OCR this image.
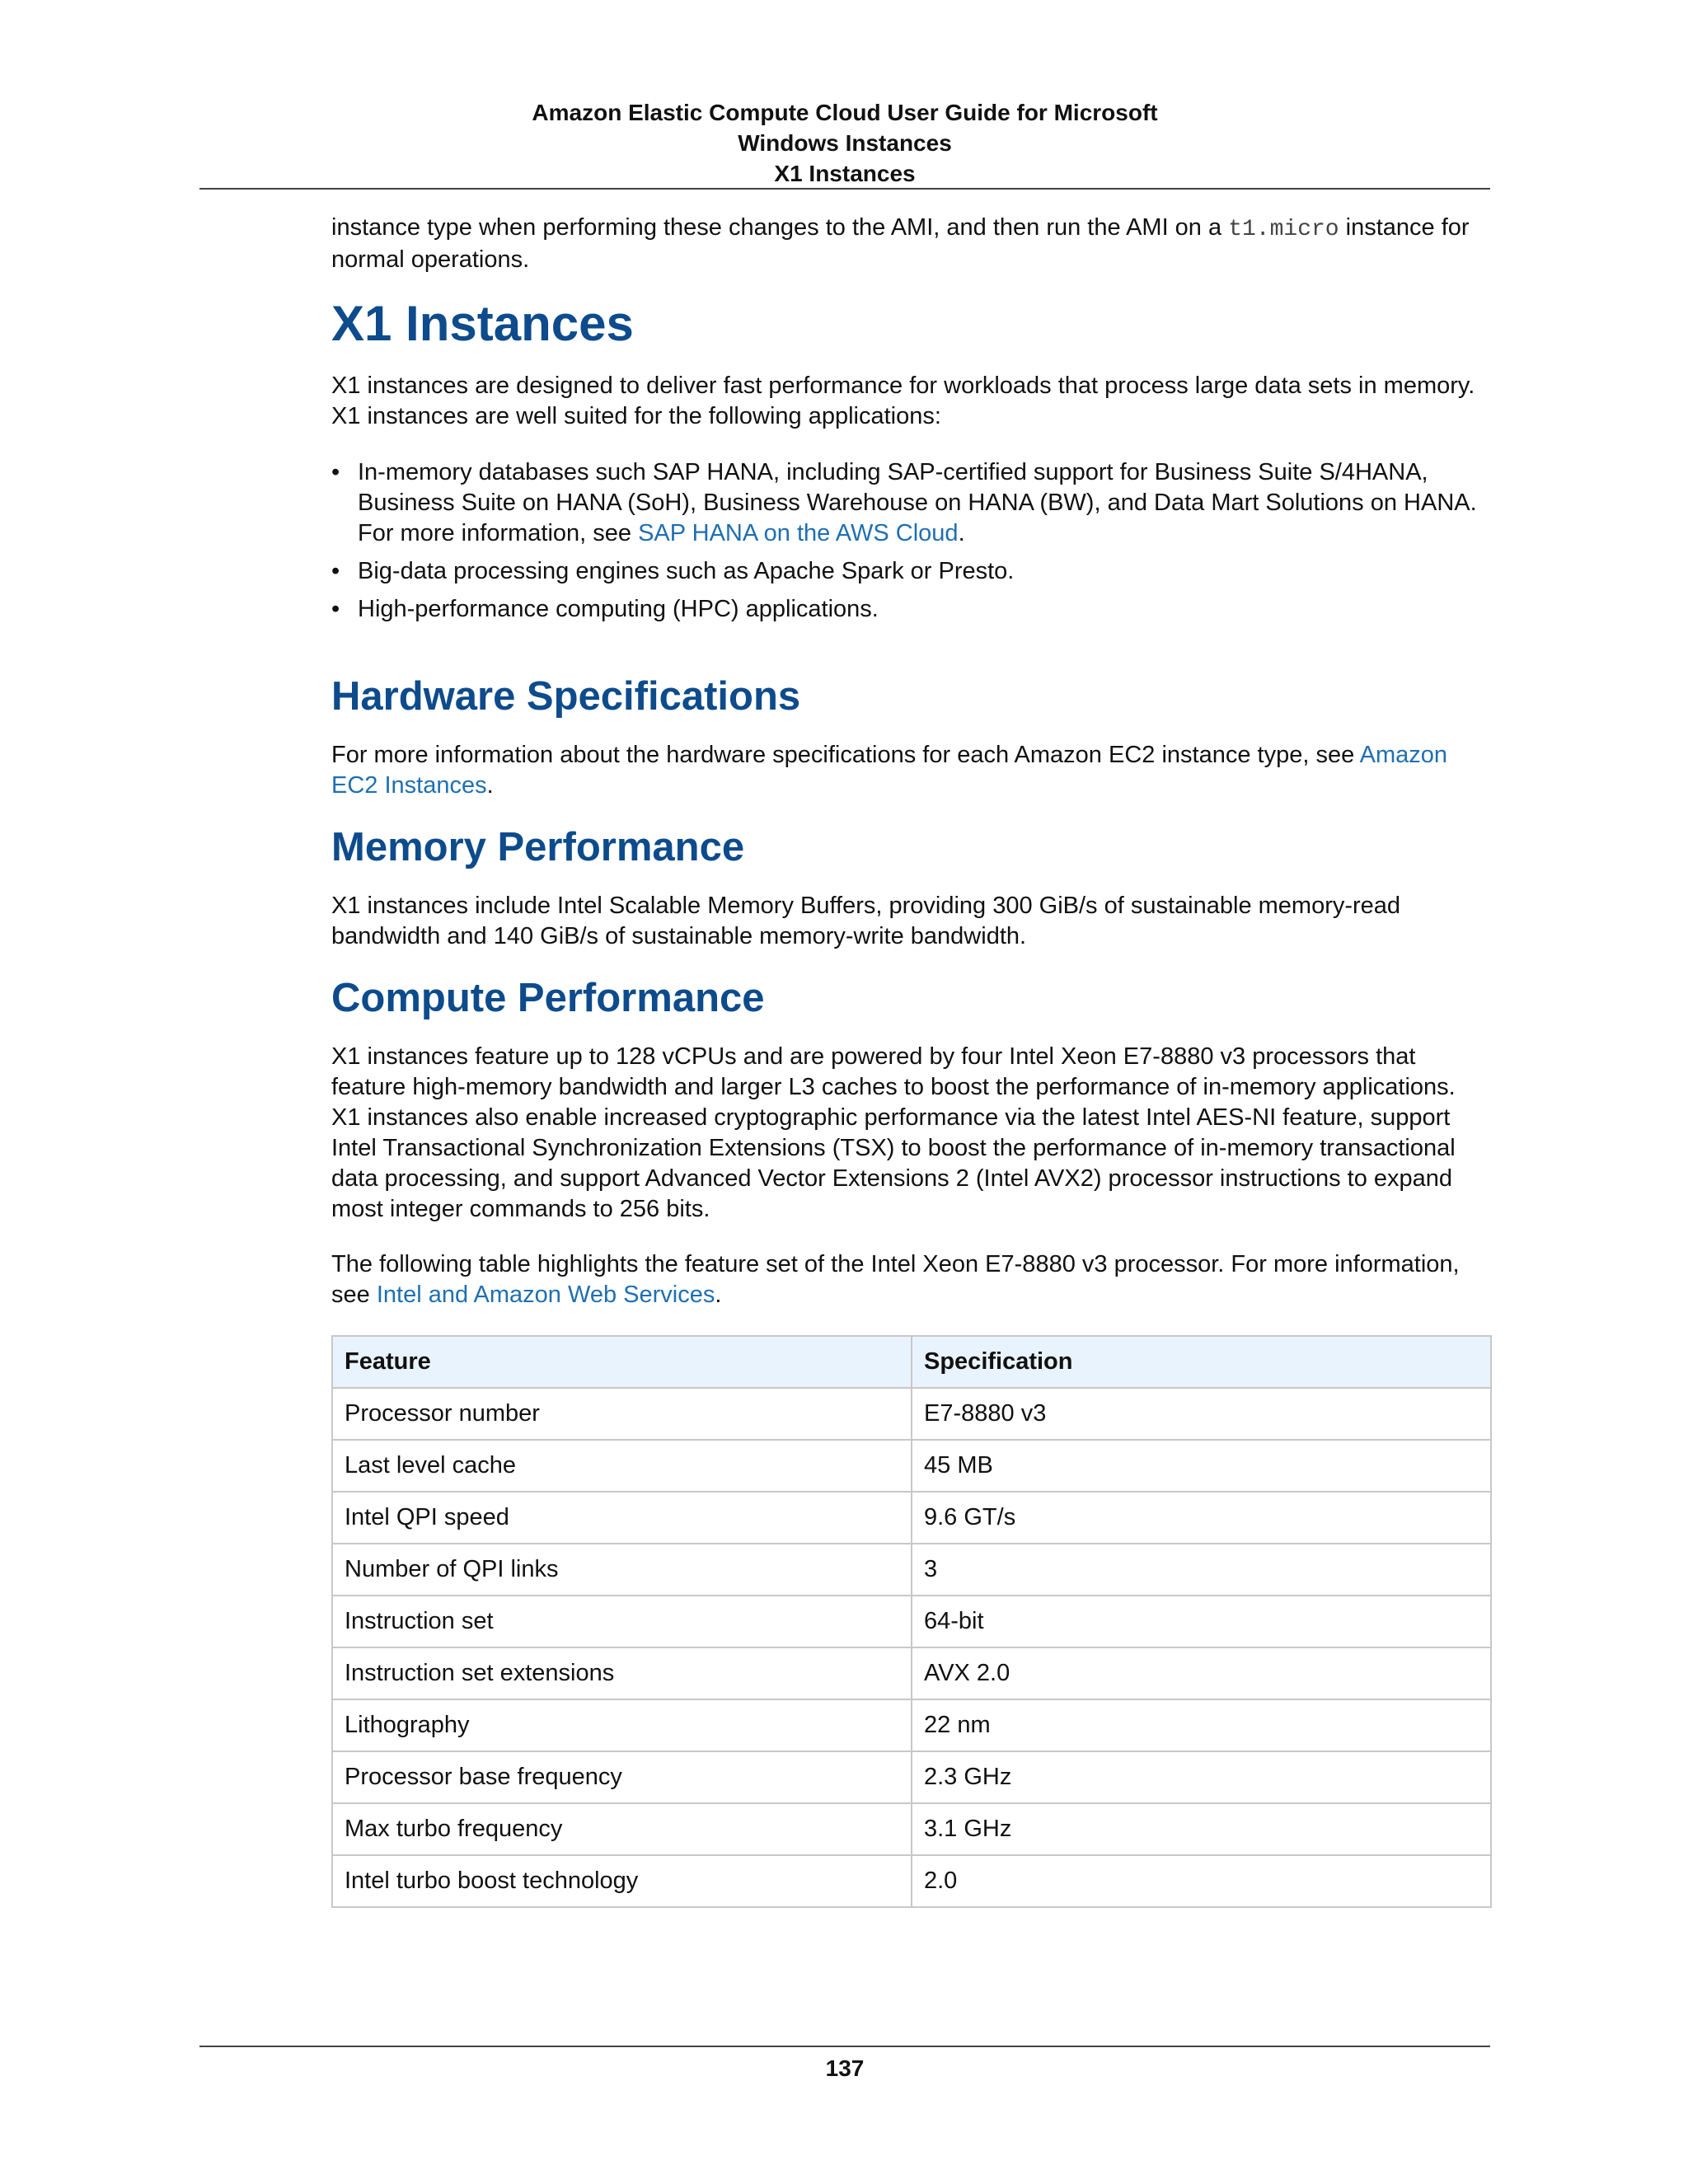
Amazon Elastic Compute Cloud User Guide for Microsoft
Windows Instances
X1 Instances

instance type when performing these changes to the AMI, and then run the AMI on a t1.micro instance for normal operations.

X1 Instances

X1 instances are designed to deliver fast performance for workloads that process large data sets in memory. X1 instances are well suited for the following applications:

• In-memory databases such SAP HANA, including SAP-certified support for Business Suite S/4HANA, Business Suite on HANA (SoH), Business Warehouse on HANA (BW), and Data Mart Solutions on HANA. For more information, see SAP HANA on the AWS Cloud.
• Big-data processing engines such as Apache Spark or Presto.
• High-performance computing (HPC) applications.
Hardware Specifications

For more information about the hardware specifications for each Amazon EC2 instance type, see Amazon EC2 Instances.

Memory Performance

X1 instances include Intel Scalable Memory Buffers, providing 300 GiB/s of sustainable memory-read bandwidth and 140 GiB/s of sustainable memory-write bandwidth.

Compute Performance

X1 instances feature up to 128 vCPUs and are powered by four Intel Xeon E7-8880 v3 processors that feature high-memory bandwidth and larger L3 caches to boost the performance of in-memory applications. X1 instances also enable increased cryptographic performance via the latest Intel AES-NI feature, support Intel Transactional Synchronization Extensions (TSX) to boost the performance of in-memory transactional data processing, and support Advanced Vector Extensions 2 (Intel AVX2) processor instructions to expand most integer commands to 256 bits.

The following table highlights the feature set of the Intel Xeon E7-8880 v3 processor. For more information, see Intel and Amazon Web Services.

Feature	Specification
Processor number	E7-8880 v3
Last level cache	45 MB
Intel QPI speed	9.6 GT/s
Number of QPI links	3
Instruction set	64-bit
Instruction set extensions	AVX 2.0
Lithography	22 nm
Processor base frequency	2.3 GHz
Max turbo frequency	3.1 GHz
Intel turbo boost technology	2.0
137
